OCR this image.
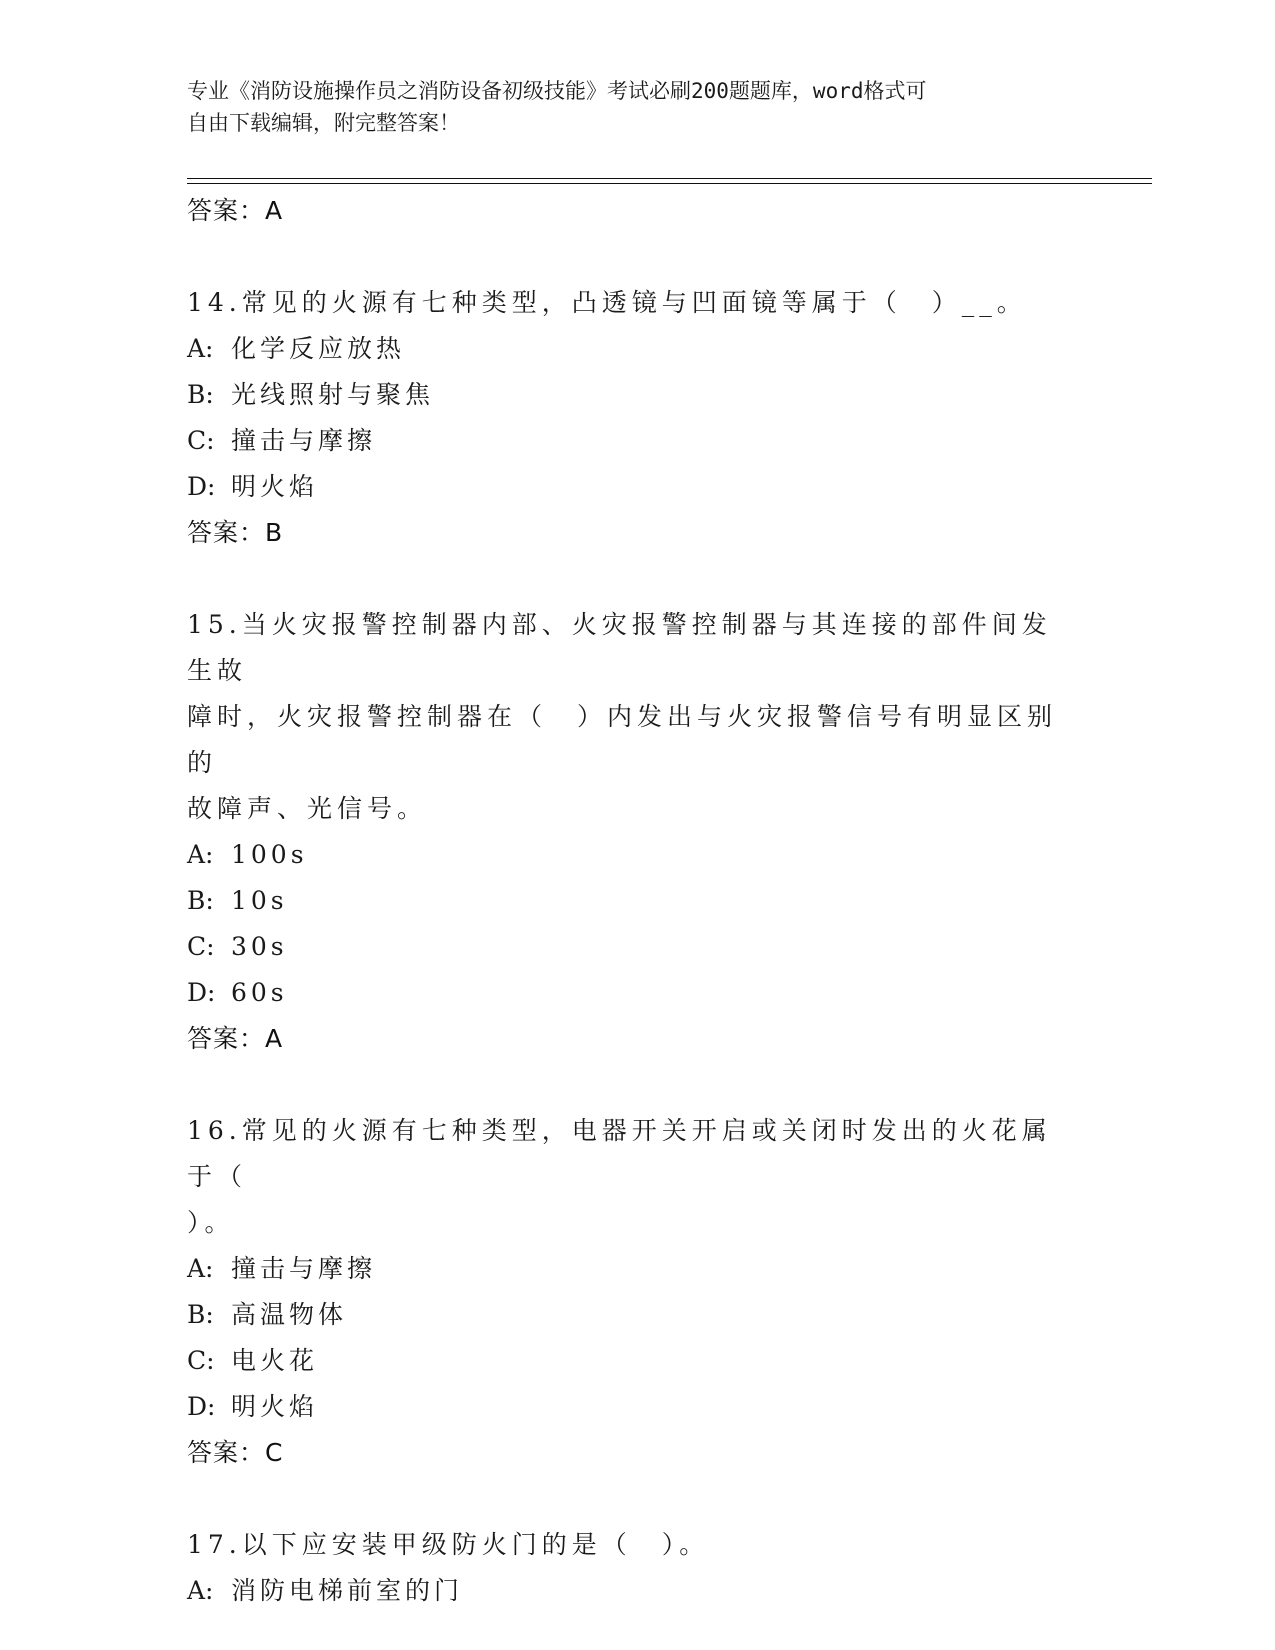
专业《消防设施操作员之消防设备初级技能》考试必刷200题题库，word格式可
自由下载编辑，附完整答案！
答案：A
14.常见的火源有七种类型，凸透镜与凹面镜等属于（　）__。
A: 化学反应放热
B: 光线照射与聚焦
C: 撞击与摩擦
D: 明火焰
答案：B
15.当火灾报警控制器内部、火灾报警控制器与其连接的部件间发生故
障时，火灾报警控制器在（　）内发出与火灾报警信号有明显区别的
故障声、光信号。
A: 100s
B: 10s
C: 30s
D: 60s
答案：A
16.常见的火源有七种类型，电器开关开启或关闭时发出的火花属于（
）。
A: 撞击与摩擦
B: 高温物体
C: 电火花
D: 明火焰
答案：C
17.以下应安装甲级防火门的是（　）。
A: 消防电梯前室的门
